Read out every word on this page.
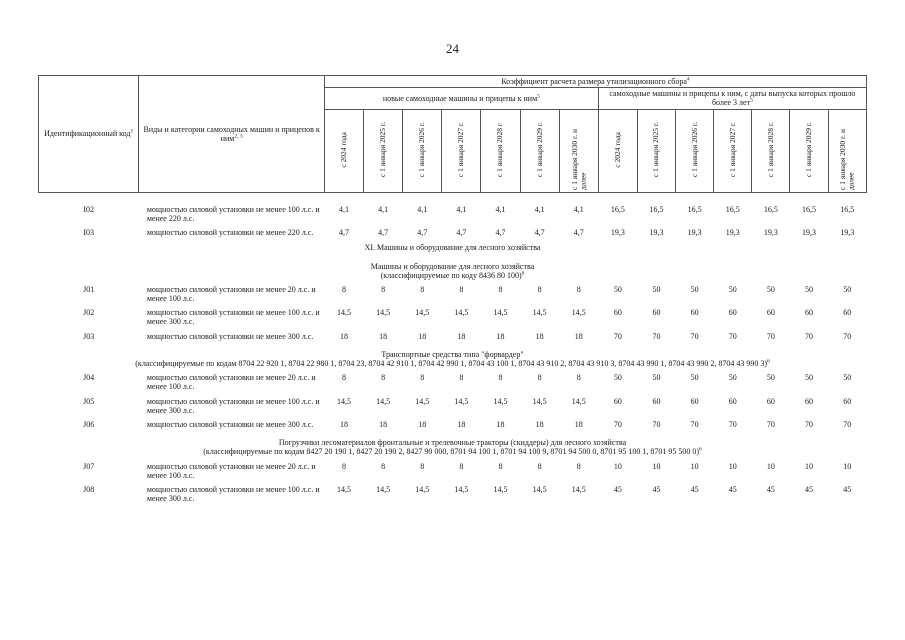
24
Идентификационный код$^1$	Виды и категории самоходных машин и прицепов к ним$^{2, 3}$	Коэффициент расчета размера утилизационного сбора$^4$
		новые самоходные машины и прицепы к ним$^5$							самоходные машины и прицепы к ним, с даты выпуска которых прошло более 3 лет$^5$
		с 2024 года	с 1 января 2025 г.	с 1 января 2026 г.	с 1 января 2027 г.	с 1 января 2028 г	с 1 января 2029 г.	с 1 января 2030 г. и далее	с 2024 года	с 1 января 2025 г.	с 1 января 2026 г.	с 1 января 2027 г.	с 1 января 2028 г.	с 1 января 2029 г.	с 1 января 2030 г. и далее
I02	мощностью силовой установки не менее 100 л.с. и менее 220 л.с.	4,1	4,1	4,1	4,1	4,1	4,1	4,1	16,5	16,5	16,5	16,5	16,5	16,5	16,5
I03	мощностью силовой установки не менее 220 л.с.	4,7	4,7	4,7	4,7	4,7	4,7	4,7	19,3	19,3	19,3	19,3	19,3	19,3	19,3
XI. Машины и оборудование для лесного хозяйства															

Машины и оборудование для лесного хозяйства
(классифицируемые по коду 8436 80 100)$^6$

J01	мощностью силовой установки не менее 20 л.с. и менее 100 л.с.	8	8	8	8	8	8	8	50	50	50	50	50	50	50
J02	мощностью силовой установки не менее 100 л.с. и менее 300 л.с.	14,5	14,5	14,5	14,5	14,5	14,5	14,5	60	60	60	60	60	60	60
J03	мощностью силовой установки не менее 300 л.с.	18	18	18	18	18	18	18	70	70	70	70	70	70	70

Транспортные средства типа "форвардер"
(классифицируемые по кодам 8704 22 920 1, 8704 22 980 1, 8704 23, 8704 42 910 1, 8704 42 990 1, 8704 43 100 1, 8704 43 910 2, 8704 43 910 3, 8704 43 990 1, 8704 43 990 2, 8704 43 990 3)$^6$

J04	мощностью силовой установки не менее 20 л.с. и менее 100 л.с.	8	8	8	8	8	8	8	50	50	50	50	50	50	50
J05	мощностью силовой установки не менее 100 л.с. и менее 300 л.с.	14,5	14,5	14,5	14,5	14,5	14,5	14,5	60	60	60	60	60	60	60
J06	мощностью силовой установки не менее 300 л.с.	18	18	18	18	18	18	18	70	70	70	70	70	70	70

Погрузчики лесоматериалов фронтальные и трелевочные тракторы (скиддеры) для лесного хозяйства
(классифицируемые по кодам 8427 20 190 1, 8427 20 190 2, 8427 90 000, 8701 94 100 1, 8701 94 100 9, 8701 94 500 0, 8701 95 100 1, 8701 95 500 0)$^6$

J07	мощностью силовой установки не менее 20 л.с. и менее 100 л.с.	8	8	8	8	8	8	8	10	10	10	10	10	10	10
J08	мощностью силовой установки не менее 100 л.с. и менее 300 л.с.	14,5	14,5	14,5	14,5	14,5	14,5	14,5	45	45	45	45	45	45	45
